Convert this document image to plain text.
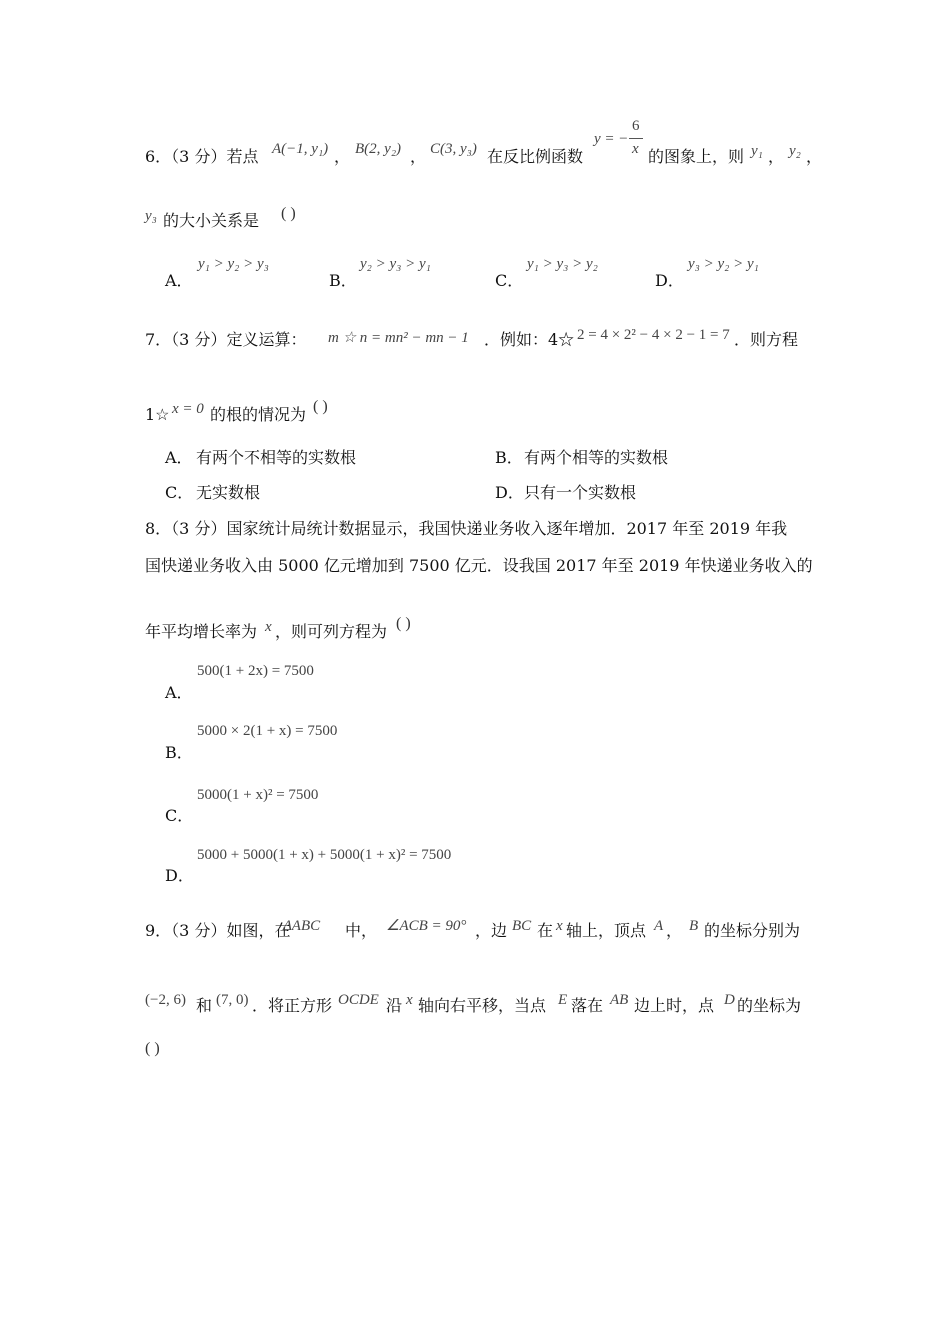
6．（3 分）若点 A(−1, y₁) ， B(2, y₂) ， C(3, y₃) 在反比例函数
y = −
6
x 的图象上，则 y₁ ， y₂ ，
y₃ 的大小关系是 ( )
A．
y₁ > y₂ > y₃
B．
y₂ > y₃ > y₁
C．
y₁ > y₃ > y₂
D．
y₃ > y₂ > y₁
7．（3 分）定义运算： m ☆ n = mn² − mn − 1 ．例如：4☆ 2 = 4 × 2² − 4 × 2 − 1 = 7 ．则方程
1☆ x = 0 的根的情况为 ( )
A． 有两个不相等的实数根	B． 有两个相等的实数根
C． 无实数根	D． 只有一个实数根
8．（3 分）国家统计局统计数据显示，我国快递业务收入逐年增加．2017 年至 2019 年我
国快递业务收入由 5000 亿元增加到 7500 亿元．设我国 2017 年至 2019 年快递业务收入的
年平均增长率为 x ，则可列方程为 ( )
500(1 + 2x) = 7500
A．
5000 × 2(1 + x) = 7500
B．
5000(1 + x)² = 7500
C．
5000 + 5000(1 + x) + 5000(1 + x)² = 7500
D．
9．（3 分）如图，在
ΔABC 中， ∠ACB = 90° ，边 BC 在 x 轴上，顶点 A ， B 的坐标分别为
(−2, 6) 和 (7, 0) ．将正方形 OCDE 沿 x 轴向右平移，当点 E 落在 AB 边上时，点 D 的坐标为
( )
